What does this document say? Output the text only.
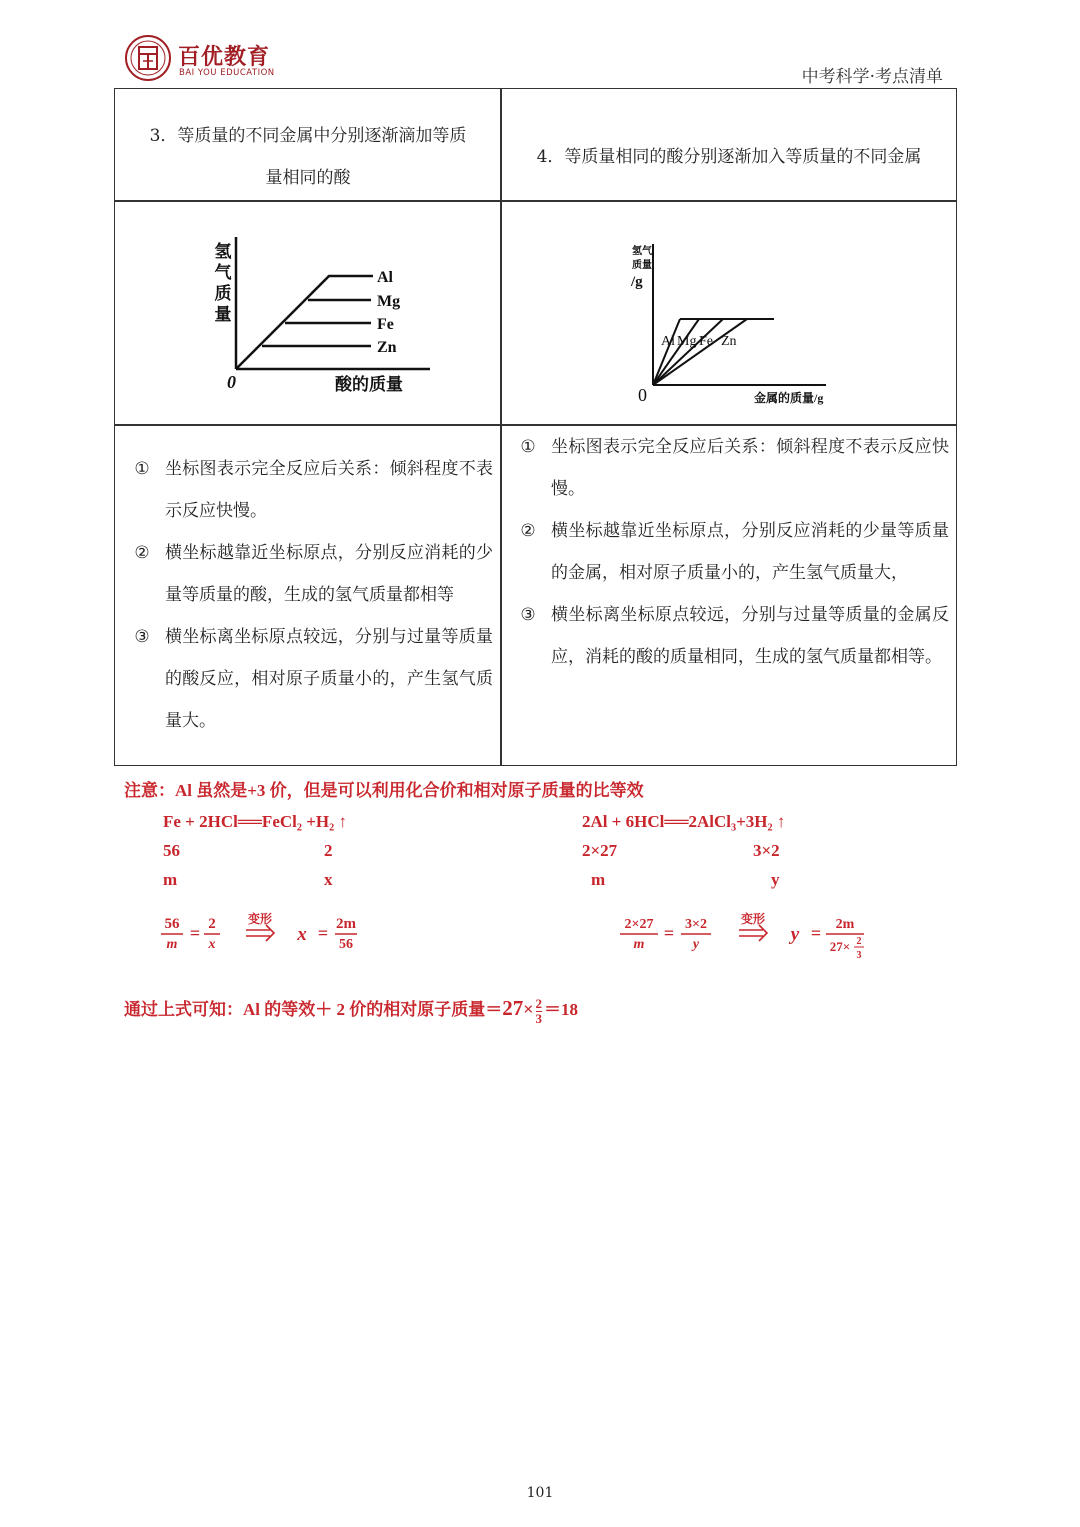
百优教育
BAI YOU EDUCATION	中考科学·考点清单
3．等质量的不同金属中分别逐渐滴加等质
量相同的酸
4．等质量相同的酸分别逐渐加入等质量的不同金属
氢
气
质
量
0	酸的质量
Al
Mg
Fe
Zn
氢气
质量
/g
0	金属的质量/g
Al Mg Fe Zn
① 坐标图表示完全反应后关系：倾斜程度不表示反应快慢。
② 横坐标越靠近坐标原点，分别反应消耗的少量等质量的酸，生成的氢气质量都相等
③ 横坐标离坐标原点较远，分别与过量等质量的酸反应，相对原子质量小的，产生氢气质量大。
① 坐标图表示完全反应后关系：倾斜程度不表示反应快慢。
② 横坐标越靠近坐标原点，分别反应消耗的少量等质量的金属，相对原子质量小的，产生氢气质量大，
③ 横坐标离坐标原点较远，分别与过量等质量的金属反应，消耗的酸的质量相同，生成的氢气质量都相等。
注意：Al 虽然是+3 价，但是可以利用化合价和相对原子质量的比等效
Fe + 2HCl══FeCl₂ +H₂ ↑
56	2
m	x
56
m
= 2
x
变形
x = 2m
56
2Al + 6HCl══2AlCl₃+3H₂ ↑
2×27	3×2
m	y
2×27
m
= 3×2
y
变形
y = 2m
27× 2
3
通过上式可知：Al 的等效＋ 2 价的相对原子质量$=27\times \frac{2}{3} =18$
101
